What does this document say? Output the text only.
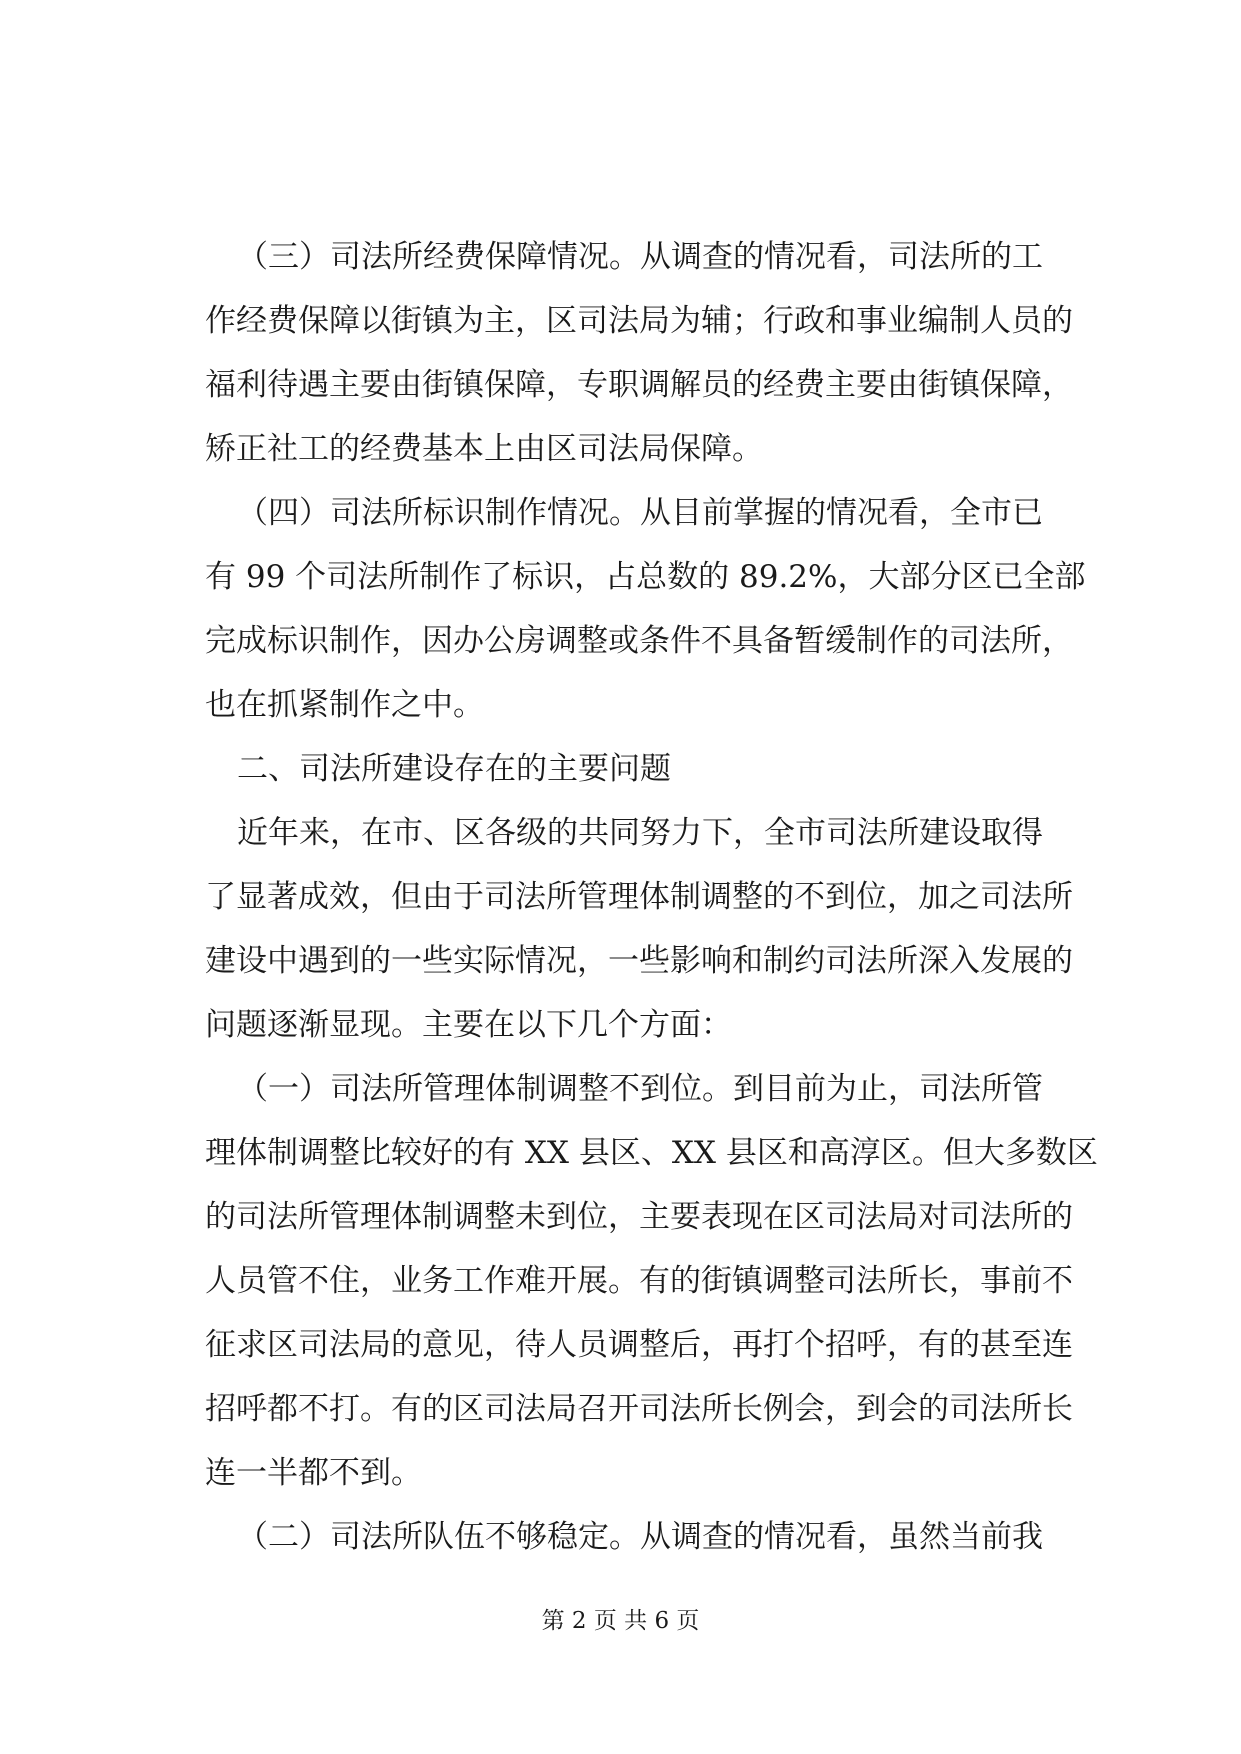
（三）司法所经费保障情况。从调查的情况看，司法所的工
作经费保障以街镇为主，区司法局为辅；行政和事业编制人员的
福利待遇主要由街镇保障，专职调解员的经费主要由街镇保障，
矫正社工的经费基本上由区司法局保障。
（四）司法所标识制作情况。从目前掌握的情况看，全市已
有 99 个司法所制作了标识，占总数的 89.2%，大部分区已全部
完成标识制作，因办公房调整或条件不具备暂缓制作的司法所，
也在抓紧制作之中。
二、司法所建设存在的主要问题
近年来，在市、区各级的共同努力下，全市司法所建设取得
了显著成效，但由于司法所管理体制调整的不到位，加之司法所
建设中遇到的一些实际情况，一些影响和制约司法所深入发展的
问题逐渐显现。主要在以下几个方面：
（一）司法所管理体制调整不到位。到目前为止，司法所管
理体制调整比较好的有 XX 县区、XX 县区和高淳区。但大多数区
的司法所管理体制调整未到位，主要表现在区司法局对司法所的
人员管不住，业务工作难开展。有的街镇调整司法所长，事前不
征求区司法局的意见，待人员调整后，再打个招呼，有的甚至连
招呼都不打。有的区司法局召开司法所长例会，到会的司法所长
连一半都不到。
（二）司法所队伍不够稳定。从调查的情况看，虽然当前我
第 2 页 共 6 页
